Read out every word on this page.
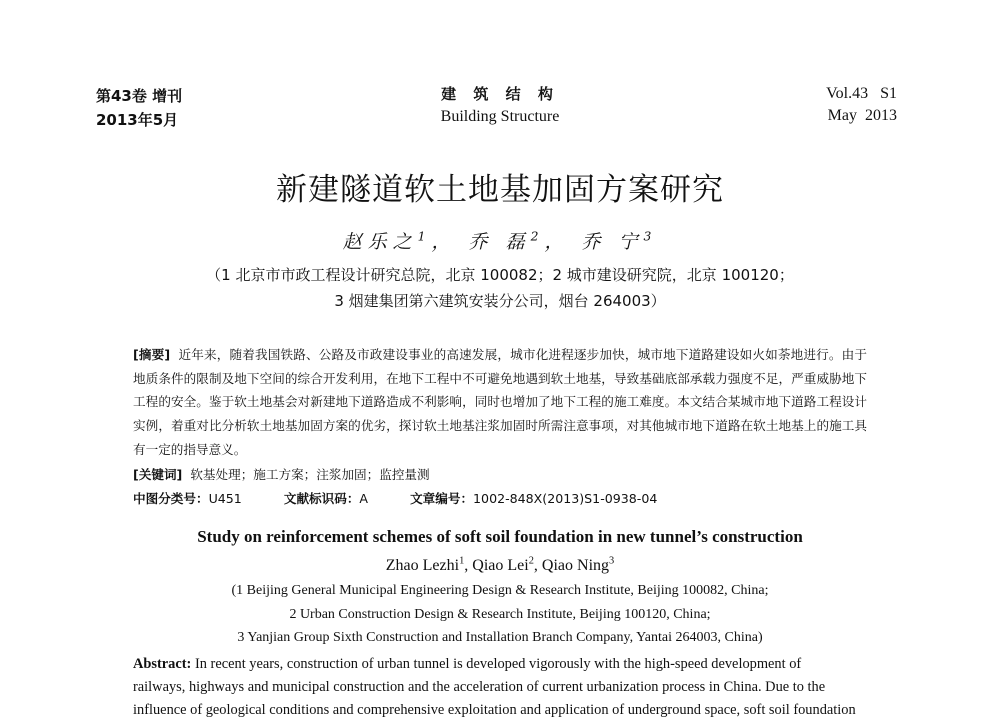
第43卷 增刊
2013年5月
建 筑 结 构
Building Structure
Vol.43   S1
May  2013
新建隧道软土地基加固方案研究
赵乐之$^1$， 乔 磊$^2$， 乔 宁$^3$
（1 北京市市政工程设计研究总院，北京 100082；2 城市建设研究院，北京 100120；
3 烟建集团第六建筑安装分公司，烟台 264003）
[摘要] 近年来，随着我国铁路、公路及市政建设事业的高速发展，城市化进程逐步加快，城市地下道路建设如火如荼地进行。由于地质条件的限制及地下空间的综合开发利用，在地下工程中不可避免地遇到软土地基，导致基础底部承载力强度不足，严重威胁地下工程的安全。鉴于软土地基会对新建地下道路造成不利影响，同时也增加了地下工程的施工难度。本文结合某城市地下道路工程设计实例，着重对比分析软土地基加固方案的优劣，探讨软土地基注浆加固时所需注意事项，对其他城市地下道路在软土地基上的施工具有一定的指导意义。
[关键词] 软基处理；施工方案；注浆加固；监控量测
中图分类号：U451	文献标识码：A	文章编号：1002-848X(2013)S1-0938-04
Study on reinforcement schemes of soft soil foundation in new tunnel’s construction
Zhao Lezhi$^1$, Qiao Lei$^2$, Qiao Ning$^3$
(1 Beijing General Municipal Engineering Design & Research Institute, Beijing 100082, China;
2 Urban Construction Design & Research Institute, Beijing 100120, China;
3 Yanjian Group Sixth Construction and Installation Branch Company, Yantai 264003, China)
Abstract: In recent years, construction of urban tunnel is developed vigorously with the high-speed development of
railways, highways and municipal construction and the acceleration of current urbanization process in China. Due to the
influence of geological conditions and comprehensive exploitation and application of underground space, soft soil foundation
